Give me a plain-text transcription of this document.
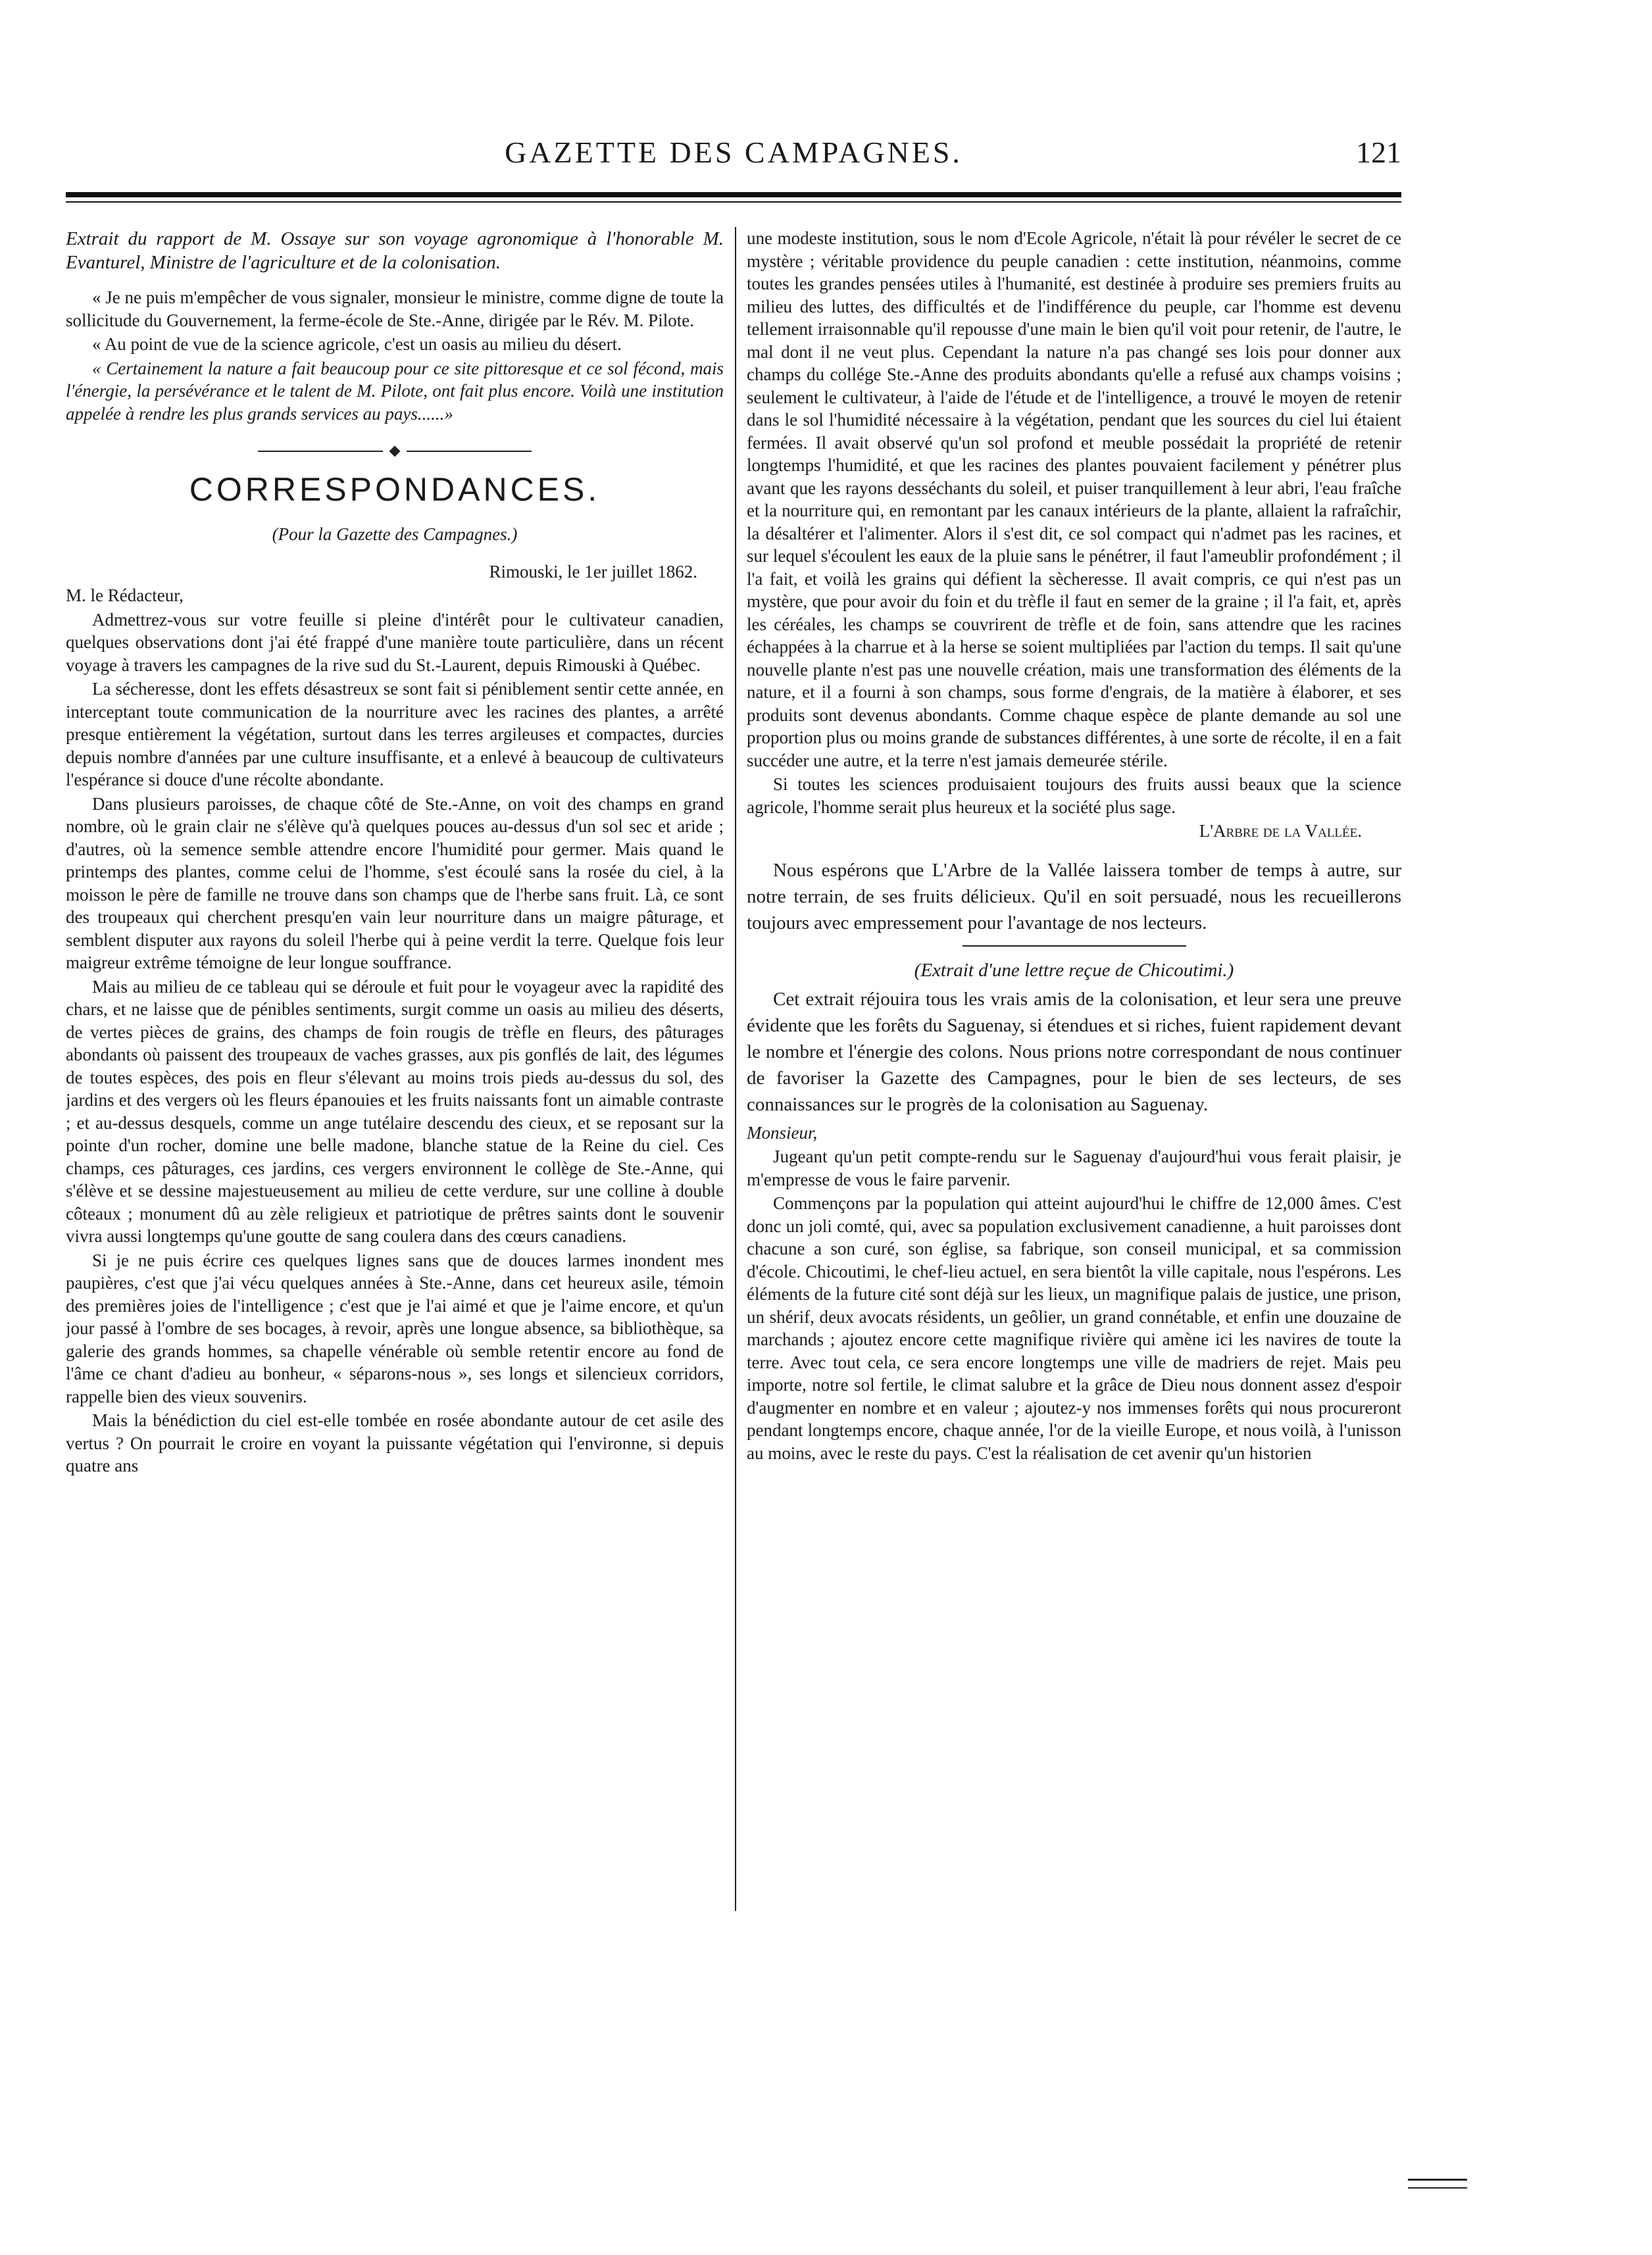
GAZETTE DES CAMPAGNES.	121

Extrait du rapport de M. Ossaye sur son voyage agronomique à l'honorable M. Evanturel, Ministre de l'agriculture et de la colonisation.

« Je ne puis m'empêcher de vous signaler, monsieur le ministre, comme digne de toute la sollicitude du Gouvernement, la ferme-école de Ste.-Anne, dirigée par le Rév. M. Pilote.

« Au point de vue de la science agricole, c'est un oasis au milieu du désert.

« Certainement la nature a fait beaucoup pour ce site pittoresque et ce sol fécond, mais l'énergie, la persévérance et le talent de M. Pilote, ont fait plus encore. Voilà une institution appelée à rendre les plus grands services au pays......»

CORRESPONDANCES.

(Pour la Gazette des Campagnes.)

Rimouski, le 1er juillet 1862.

M. le Rédacteur,

Admettrez-vous sur votre feuille si pleine d'intérêt pour le cultivateur canadien, quelques observations dont j'ai été frappé d'une manière toute particulière, dans un récent voyage à travers les campagnes de la rive sud du St.-Laurent, depuis Rimouski à Québec.

La sécheresse, dont les effets désastreux se sont fait si péniblement sentir cette année, en interceptant toute communication de la nourriture avec les racines des plantes, a arrêté presque entièrement la végétation, surtout dans les terres argileuses et compactes, durcies depuis nombre d'années par une culture insuffisante, et a enlevé à beaucoup de cultivateurs l'espérance si douce d'une récolte abondante.

Dans plusieurs paroisses, de chaque côté de Ste.-Anne, on voit des champs en grand nombre, où le grain clair ne s'élève qu'à quelques pouces au-dessus d'un sol sec et aride ; d'autres, où la semence semble attendre encore l'humidité pour germer. Mais quand le printemps des plantes, comme celui de l'homme, s'est écoulé sans la rosée du ciel, à la moisson le père de famille ne trouve dans son champs que de l'herbe sans fruit. Là, ce sont des troupeaux qui cherchent presqu'en vain leur nourriture dans un maigre pâturage, et semblent disputer aux rayons du soleil l'herbe qui à peine verdit la terre. Quelque fois leur maigreur extrême témoigne de leur longue souffrance.

Mais au milieu de ce tableau qui se déroule et fuit pour le voyageur avec la rapidité des chars, et ne laisse que de pénibles sentiments, surgit comme un oasis au milieu des déserts, de vertes pièces de grains, des champs de foin rougis de trèfle en fleurs, des pâturages abondants où paissent des troupeaux de vaches grasses, aux pis gonflés de lait, des légumes de toutes espèces, des pois en fleur s'élevant au moins trois pieds au-dessus du sol, des jardins et des vergers où les fleurs épanouies et les fruits naissants font un aimable contraste ; et au-dessus desquels, comme un ange tutélaire descendu des cieux, et se reposant sur la pointe d'un rocher, domine une belle madone, blanche statue de la Reine du ciel. Ces champs, ces pâturages, ces jardins, ces vergers environnent le collège de Ste.-Anne, qui s'élève et se dessine majestueusement au milieu de cette verdure, sur une colline à double côteaux ; monument dû au zèle religieux et patriotique de prêtres saints dont le souvenir vivra aussi longtemps qu'une goutte de sang coulera dans des cœurs canadiens.

Si je ne puis écrire ces quelques lignes sans que de douces larmes inondent mes paupières, c'est que j'ai vécu quelques années à Ste.-Anne, dans cet heureux asile, témoin des premières joies de l'intelligence ; c'est que je l'ai aimé et que je l'aime encore, et qu'un jour passé à l'ombre de ses bocages, à revoir, après une longue absence, sa bibliothèque, sa galerie des grands hommes, sa chapelle vénérable où semble retentir encore au fond de l'âme ce chant d'adieu au bonheur, « séparons-nous », ses longs et silencieux corridors, rappelle bien des vieux souvenirs.

Mais la bénédiction du ciel est-elle tombée en rosée abondante autour de cet asile des vertus ? On pourrait le croire en voyant la puissante végétation qui l'environne, si depuis quatre ans

une modeste institution, sous le nom d'Ecole Agricole, n'était là pour révéler le secret de ce mystère ; véritable providence du peuple canadien : cette institution, néanmoins, comme toutes les grandes pensées utiles à l'humanité, est destinée à produire ses premiers fruits au milieu des luttes, des difficultés et de l'indifférence du peuple, car l'homme est devenu tellement irraisonnable qu'il repousse d'une main le bien qu'il voit pour retenir, de l'autre, le mal dont il ne veut plus. Cependant la nature n'a pas changé ses lois pour donner aux champs du collége Ste.-Anne des produits abondants qu'elle a refusé aux champs voisins ; seulement le cultivateur, à l'aide de l'étude et de l'intelligence, a trouvé le moyen de retenir dans le sol l'humidité nécessaire à la végétation, pendant que les sources du ciel lui étaient fermées. Il avait observé qu'un sol profond et meuble possédait la propriété de retenir longtemps l'humidité, et que les racines des plantes pouvaient facilement y pénétrer plus avant que les rayons desséchants du soleil, et puiser tranquillement à leur abri, l'eau fraîche et la nourriture qui, en remontant par les canaux intérieurs de la plante, allaient la rafraîchir, la désaltérer et l'alimenter. Alors il s'est dit, ce sol compact qui n'admet pas les racines, et sur lequel s'écoulent les eaux de la pluie sans le pénétrer, il faut l'ameublir profondément ; il l'a fait, et voilà les grains qui défient la sècheresse. Il avait compris, ce qui n'est pas un mystère, que pour avoir du foin et du trèfle il faut en semer de la graine ; il l'a fait, et, après les céréales, les champs se couvrirent de trèfle et de foin, sans attendre que les racines échappées à la charrue et à la herse se soient multipliées par l'action du temps. Il sait qu'une nouvelle plante n'est pas une nouvelle création, mais une transformation des éléments de la nature, et il a fourni à son champs, sous forme d'engrais, de la matière à élaborer, et ses produits sont devenus abondants. Comme chaque espèce de plante demande au sol une proportion plus ou moins grande de substances différentes, à une sorte de récolte, il en a fait succéder une autre, et la terre n'est jamais demeurée stérile.

Si toutes les sciences produisaient toujours des fruits aussi beaux que la science agricole, l'homme serait plus heureux et la société plus sage.

L'Arbre de la Vallée.

Nous espérons que L'Arbre de la Vallée laissera tomber de temps à autre, sur notre terrain, de ses fruits délicieux. Qu'il en soit persuadé, nous les recueillerons toujours avec empressement pour l'avantage de nos lecteurs.

(Extrait d'une lettre reçue de Chicoutimi.)

Cet extrait réjouira tous les vrais amis de la colonisation, et leur sera une preuve évidente que les forêts du Saguenay, si étendues et si riches, fuient rapidement devant le nombre et l'énergie des colons. Nous prions notre correspondant de nous continuer de favoriser la Gazette des Campagnes, pour le bien de ses lecteurs, de ses connaissances sur le progrès de la colonisation au Saguenay.

Monsieur,

Jugeant qu'un petit compte-rendu sur le Saguenay d'aujourd'hui vous ferait plaisir, je m'empresse de vous le faire parvenir.

Commençons par la population qui atteint aujourd'hui le chiffre de 12,000 âmes. C'est donc un joli comté, qui, avec sa population exclusivement canadienne, a huit paroisses dont chacune a son curé, son église, sa fabrique, son conseil municipal, et sa commission d'école. Chicoutimi, le chef-lieu actuel, en sera bientôt la ville capitale, nous l'espérons. Les éléments de la future cité sont déjà sur les lieux, un magnifique palais de justice, une prison, un shérif, deux avocats résidents, un geôlier, un grand connétable, et enfin une douzaine de marchands ; ajoutez encore cette magnifique rivière qui amène ici les navires de toute la terre. Avec tout cela, ce sera encore longtemps une ville de madriers de rejet. Mais peu importe, notre sol fertile, le climat salubre et la grâce de Dieu nous donnent assez d'espoir d'augmenter en nombre et en valeur ; ajoutez-y nos immenses forêts qui nous procureront pendant longtemps encore, chaque année, l'or de la vieille Europe, et nous voilà, à l'unisson au moins, avec le reste du pays. C'est la réalisation de cet avenir qu'un historien
